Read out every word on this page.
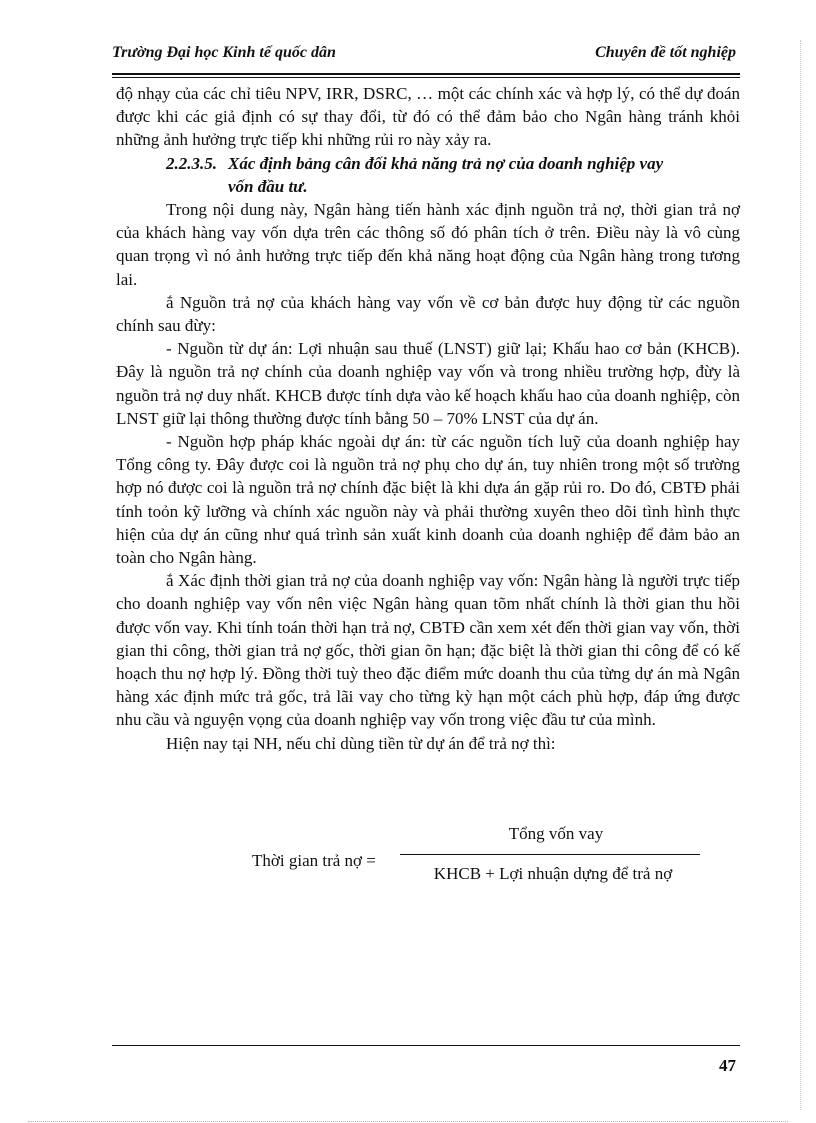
Trường Đại học Kinh tế quốc dân	Chuyên đề tốt nghiệp

độ nhạy của các chỉ tiêu NPV, IRR, DSRC, … một các chính xác và hợp lý, có thể dự đoán được khi các giả định có sự thay đổi, từ đó có thể đảm bảo cho Ngân hàng tránh khỏi những ảnh hưởng trực tiếp khi những rủi ro này xảy ra.

2.2.3.5. Xác định bảng cân đối khả năng trả nợ của doanh nghiệp vay

vốn đầu tư.

Trong nội dung này, Ngân hàng tiến hành xác định nguồn trả nợ, thời gian trả nợ của khách hàng vay vốn dựa trên các thông số đó phân tích ở trên. Điều này là vô cùng quan trọng vì nó ảnh hưởng trực tiếp đến khả năng hoạt động của Ngân hàng trong tương lai.

ắ Nguồn trả nợ của khách hàng vay vốn về cơ bản được huy động từ các nguồn chính sau đừy:

- Nguồn từ dự án: Lợi nhuận sau thuế (LNST) giữ lại; Khấu hao cơ bản (KHCB). Đây là nguồn trả nợ chính của doanh nghiệp vay vốn và trong nhiều trường hợp, đừy là nguồn trả nợ duy nhất. KHCB được tính dựa vào kế hoạch khấu hao của doanh nghiệp, còn LNST giữ lại thông thường được tính bằng 50 – 70% LNST của dự án.

- Nguồn hợp pháp khác ngoài dự án: từ các nguồn tích luỹ của doanh nghiệp hay Tổng công ty. Đây được coi là nguồn trả nợ phụ cho dự án, tuy nhiên trong một số trường hợp nó được coi là nguồn trả nợ chính đặc biệt là khi dựa án gặp rủi ro. Do đó, CBTĐ phải tính toỏn kỹ lưỡng và chính xác nguồn này và phải thường xuyên theo dõi tình hình thực hiện của dự án cũng như quá trình sản xuất kinh doanh của doanh nghiệp để đảm bảo an toàn cho Ngân hàng.

ắ Xác định thời gian trả nợ của doanh nghiệp vay vốn: Ngân hàng là người trực tiếp cho doanh nghiệp vay vốn nên việc Ngân hàng quan tõm nhất chính là thời gian thu hồi được vốn vay. Khi tính toán thời hạn trả nợ, CBTĐ cần xem xét đến thời gian vay vốn, thời gian thi công, thời gian trả nợ gốc, thời gian õn hạn; đặc biệt là thời gian thi công để có kế hoạch thu nợ hợp lý. Đồng thời tuỳ theo đặc điểm mức doanh thu của từng dự án mà Ngân hàng xác định mức trả gốc, trả lãi vay cho từng kỳ hạn một cách phù hợp, đáp ứng được nhu cầu và nguyện vọng của doanh nghiệp vay vốn trong việc đầu tư của mình.

Hiện nay tại NH, nếu chỉ dùng tiền từ dự án để trả nợ thì:

Thời gian trả nợ =
Tổng vốn vay
KHCB + Lợi nhuận dựng để trả nợ
47
